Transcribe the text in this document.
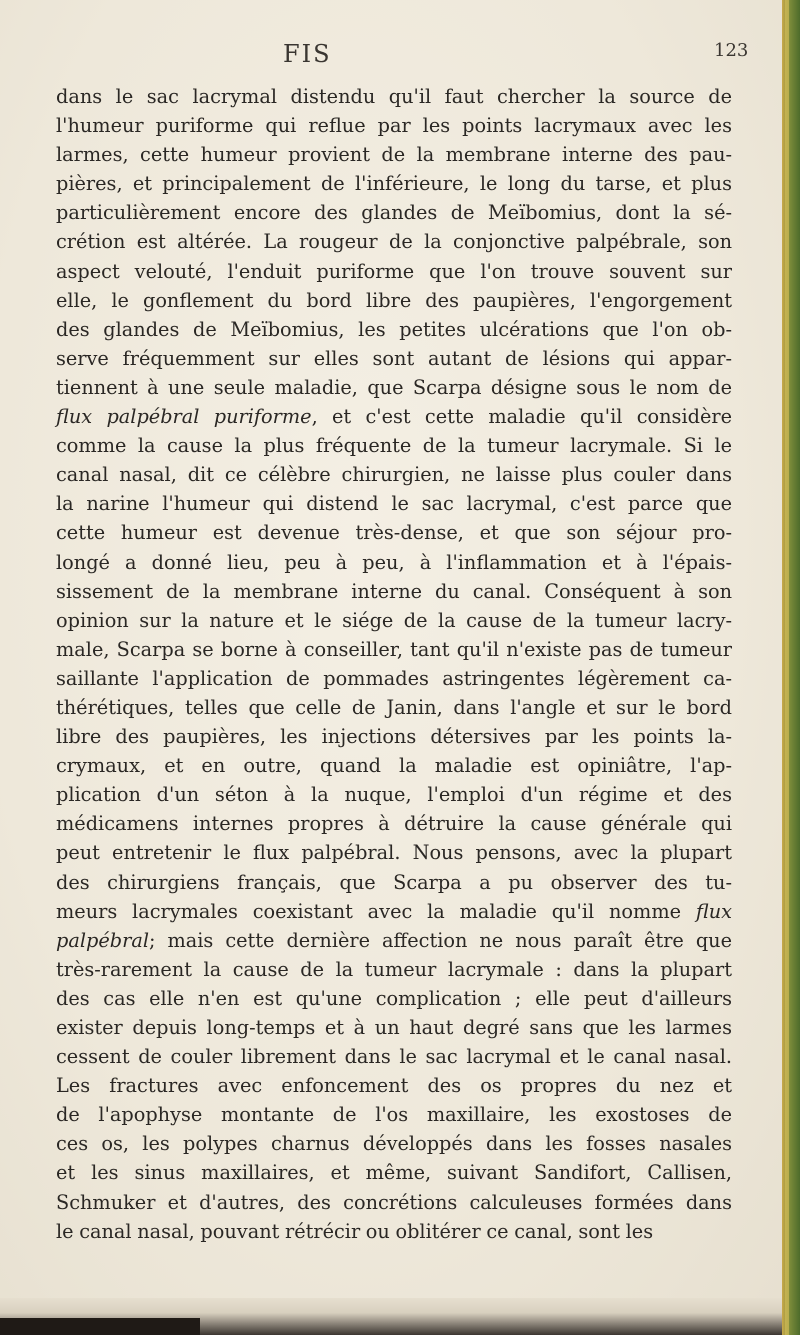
FIS	123
dans le sac lacrymal distendu qu'il faut chercher la source de
l'humeur puriforme qui reflue par les points lacrymaux avec les
larmes, cette humeur provient de la membrane interne des pau-
pières, et principalement de l'inférieure, le long du tarse, et plus
particulièrement encore des glandes de Meïbomius, dont la sé-
crétion est altérée. La rougeur de la conjonctive palpébrale, son
aspect velouté, l'enduit puriforme que l'on trouve souvent sur
elle, le gonflement du bord libre des paupières, l'engorgement
des glandes de Meïbomius, les petites ulcérations que l'on ob-
serve fréquemment sur elles sont autant de lésions qui appar-
tiennent à une seule maladie, que Scarpa désigne sous le nom de
flux palpébral puriforme, et c'est cette maladie qu'il considère
comme la cause la plus fréquente de la tumeur lacrymale. Si le
canal nasal, dit ce célèbre chirurgien, ne laisse plus couler dans
la narine l'humeur qui distend le sac lacrymal, c'est parce que
cette humeur est devenue très-dense, et que son séjour pro-
longé a donné lieu, peu à peu, à l'inflammation et à l'épais-
sissement de la membrane interne du canal. Conséquent à son
opinion sur la nature et le siége de la cause de la tumeur lacry-
male, Scarpa se borne à conseiller, tant qu'il n'existe pas de tumeur
saillante l'application de pommades astringentes légèrement ca-
thérétiques, telles que celle de Janin, dans l'angle et sur le bord
libre des paupières, les injections détersives par les points la-
crymaux, et en outre, quand la maladie est opiniâtre, l'ap-
plication d'un séton à la nuque, l'emploi d'un régime et des
médicamens internes propres à détruire la cause générale qui
peut entretenir le flux palpébral. Nous pensons, avec la plupart
des chirurgiens français, que Scarpa a pu observer des tu-
meurs lacrymales coexistant avec la maladie qu'il nomme flux
palpébral; mais cette dernière affection ne nous paraît être que
très-rarement la cause de la tumeur lacrymale : dans la plupart
des cas elle n'en est qu'une complication ; elle peut d'ailleurs
exister depuis long-temps et à un haut degré sans que les larmes
cessent de couler librement dans le sac lacrymal et le canal nasal.
Les fractures avec enfoncement des os propres du nez et
de l'apophyse montante de l'os maxillaire, les exostoses de
ces os, les polypes charnus développés dans les fosses nasales
et les sinus maxillaires, et même, suivant Sandifort, Callisen,
Schmuker et d'autres, des concrétions calculeuses formées dans
le canal nasal, pouvant rétrécir ou oblitérer ce canal, sont les
